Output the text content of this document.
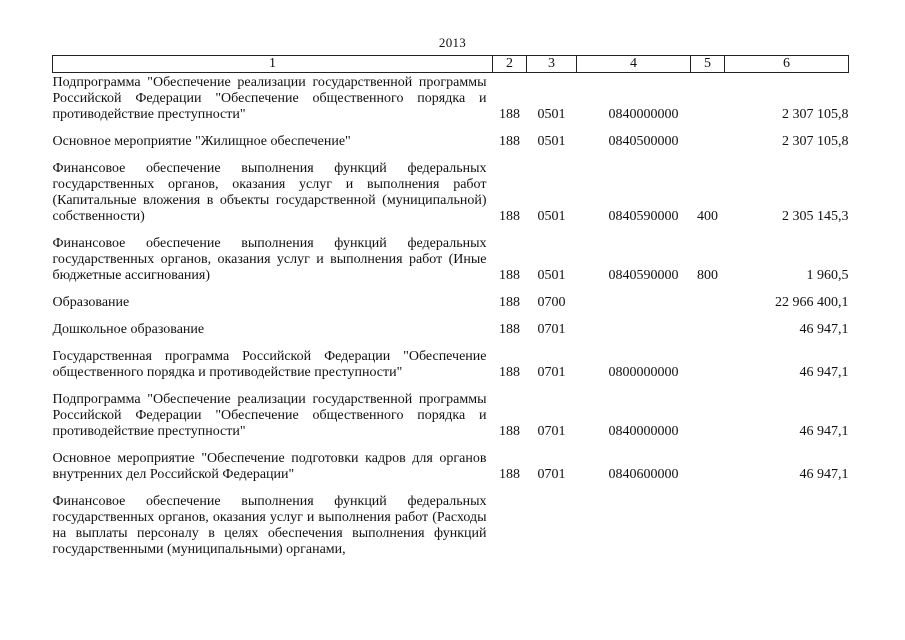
2013
1	2	3	4	5	6
Подпрограмма "Обеспечение реализации государственной программы Российской Федерации "Обеспечение общественного порядка и противодействие преступности"	188	0501	0840000000		2 307 105,8
Основное мероприятие "Жилищное обеспечение"	188	0501	0840500000		2 307 105,8
Финансовое обеспечение выполнения функций федеральных государственных органов, оказания услуг и выполнения работ (Капитальные вложения в объекты государственной (муниципальной) собственности)	188	0501	0840590000	400	2 305 145,3
Финансовое обеспечение выполнения функций федеральных государственных органов, оказания услуг и выполнения работ (Иные бюджетные ассигнования)	188	0501	0840590000	800	1 960,5
Образование	188	0700			22 966 400,1
Дошкольное образование	188	0701			46 947,1
Государственная программа Российской Федерации "Обеспечение общественного порядка и противодействие преступности"	188	0701	0800000000		46 947,1
Подпрограмма "Обеспечение реализации государственной программы Российской Федерации "Обеспечение общественного порядка и противодействие преступности"	188	0701	0840000000		46 947,1
Основное мероприятие "Обеспечение подготовки кадров для органов внутренних дел Российской Федерации"	188	0701	0840600000		46 947,1
Финансовое обеспечение выполнения функций федеральных государственных органов, оказания услуг и выполнения работ (Расходы на выплаты персоналу в целях обеспечения выполнения функций государственными (муниципальными) органами,					
